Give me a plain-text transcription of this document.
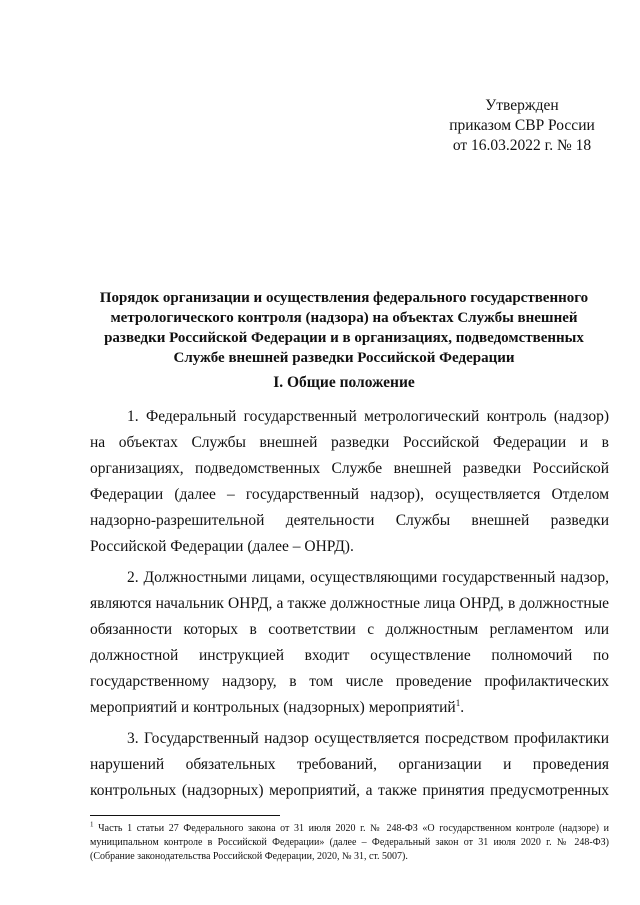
Утвержден
приказом СВР России
от 16.03.2022 г. № 18
Порядок организации и осуществления федерального государственного
метрологического контроля (надзора) на объектах Службы внешней
разведки Российской Федерации и в организациях, подведомственных
Службе внешней разведки Российской Федерации
I. Общие положение

1. Федеральный государственный метрологический контроль (надзор) на объектах Службы внешней разведки Российской Федерации и в организациях, подведомственных Службе внешней разведки Российской Федерации (далее – государственный надзор), осуществляется Отделом надзорно-разрешительной деятельности Службы внешней разведки Российской Федерации (далее – ОНРД).

2. Должностными лицами, осуществляющими государственный надзор, являются начальник ОНРД, а также должностные лица ОНРД, в должностные обязанности которых в соответствии с должностным регламентом или должностной инструкцией входит осуществление полномочий по государственному надзору, в том числе проведение профилактических мероприятий и контрольных (надзорных) мероприятий$^1$.

3. Государственный надзор осуществляется посредством профилактики нарушений обязательных требований, организации и проведения контрольных (надзорных) мероприятий, а также принятия предусмотренных

$^1$ Часть 1 статьи 27 Федерального закона от 31 июля 2020 г. № 248-ФЗ «О государственном контроле (надзоре) и муниципальном контроле в Российской Федерации» (далее – Федеральный закон от 31 июля 2020 г. № 248-ФЗ) (Собрание законодательства Российской Федерации, 2020, № 31, ст. 5007).
